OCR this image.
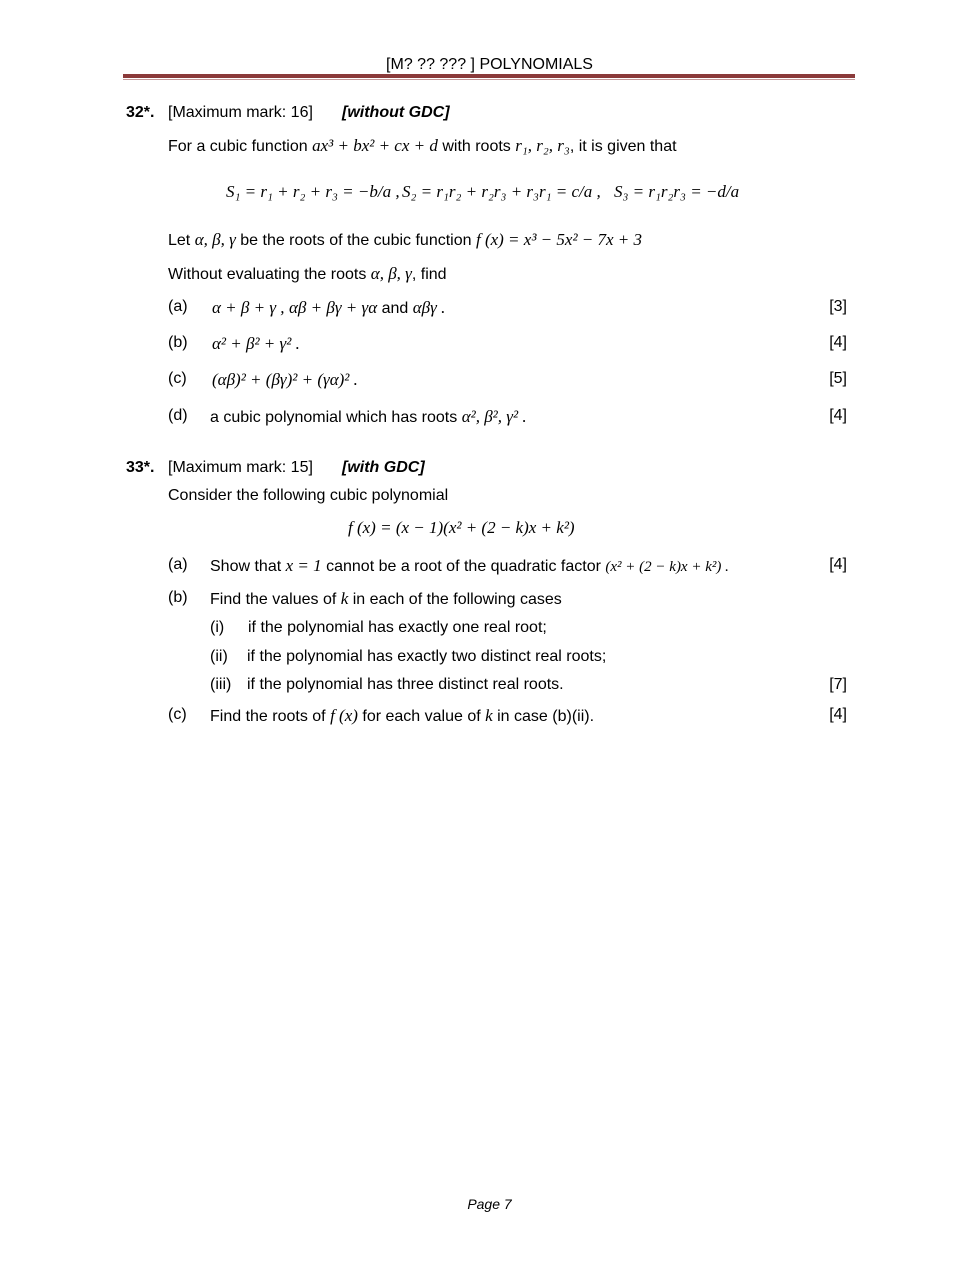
[M? ?? ??? ] POLYNOMIALS
32*. [Maximum mark: 16] [without GDC]
For a cubic function ax³ + bx² + cx + d with roots r₁, r₂, r₃, it is given that
S₁ = r₁ + r₂ + r₃ = −b/a , S₂ = r₁r₂ + r₂r₃ + r₃r₁ = c/a , S₃ = r₁r₂r₃ = −d/a
Let α, β, γ be the roots of the cubic function f (x) = x³ − 5x² − 7x + 3
Without evaluating the roots α, β, γ, find
(a) α + β + γ , αβ + βγ + γα and αβγ .	[3]
(b) α² + β² + γ² .	[4]
(c) (αβ)² + (βγ)² + (γα)² .	[5]
(d) a cubic polynomial which has roots α², β², γ² .	[4]
33*. [Maximum mark: 15] [with GDC]
Consider the following cubic polynomial
f (x) = (x − 1)(x² + (2 − k)x + k²)
(a) Show that x = 1 cannot be a root of the quadratic factor (x² + (2 − k)x + k²) .	[4]
(b) Find the values of k in each of the following cases
(i) if the polynomial has exactly one real root;
(ii) if the polynomial has exactly two distinct real roots;
(iii) if the polynomial has three distinct real roots.	[7]
(c) Find the roots of f (x) for each value of k in case (b)(ii).	[4]
Page 7
